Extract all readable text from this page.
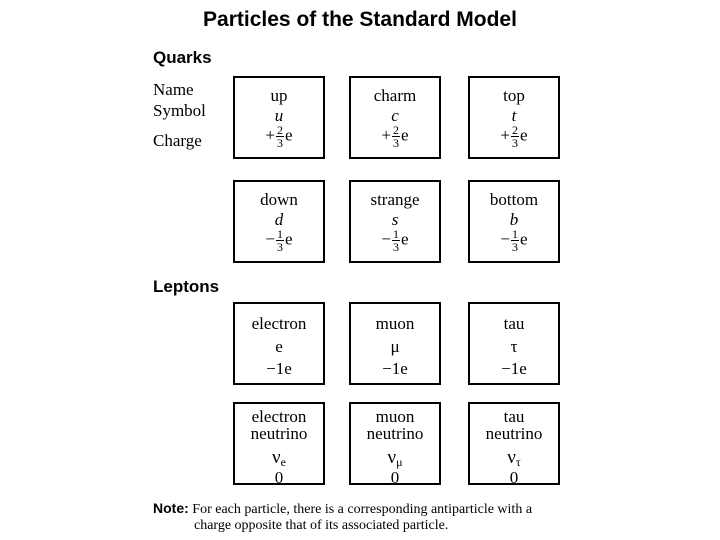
Particles of the Standard Model
Quarks
Name
Symbol
Charge
up
u
+ $\frac{2}{3}$ e
charm
c
+ $\frac{2}{3}$ e
top
t
+ $\frac{2}{3}$ e
down
d
− $\frac{1}{3}$ e
strange
s
− $\frac{1}{3}$ e
bottom
b
− $\frac{1}{3}$ e
Leptons
electron
e
−1e
muon
μ
−1e
tau
τ
−1e
electron
neutrino
$\nu_e$
0
muon
neutrino
$\nu_\mu$
0
tau
neutrino
$\nu_\tau$
0
Note: For each particle, there is a corresponding antiparticle with a
charge opposite that of its associated particle.
